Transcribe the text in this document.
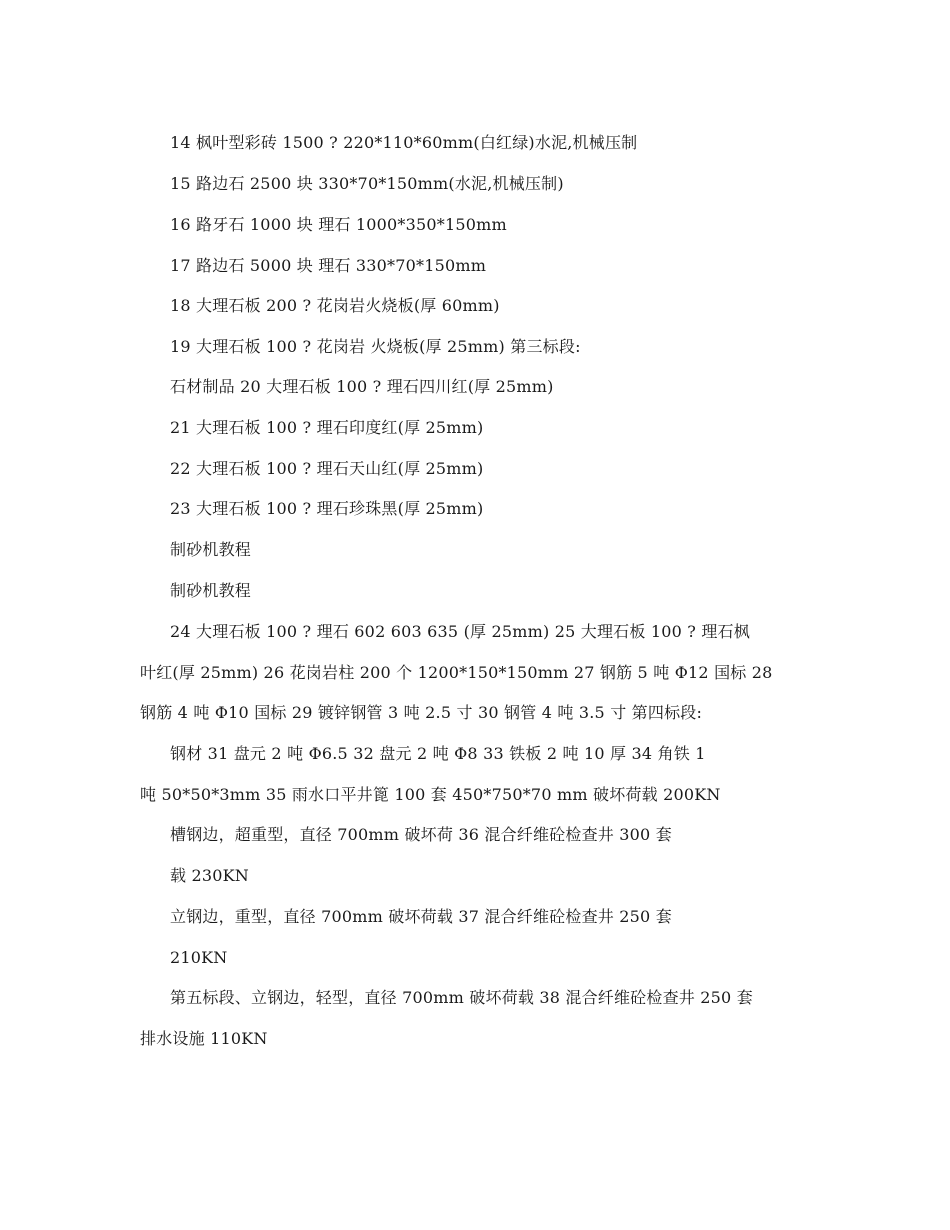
14 枫叶型彩砖 1500 ? 220*110*60mm(白红绿)水泥,机械压制
15 路边石 2500 块 330*70*150mm(水泥,机械压制)
16 路牙石 1000 块 理石 1000*350*150mm
17 路边石 5000 块 理石 330*70*150mm
18 大理石板 200 ? 花岗岩火烧板(厚 60mm)
19 大理石板 100 ? 花岗岩 火烧板(厚 25mm) 第三标段:
石材制品 20 大理石板 100 ? 理石四川红(厚 25mm)
21 大理石板 100 ? 理石印度红(厚 25mm)
22 大理石板 100 ? 理石天山红(厚 25mm)
23 大理石板 100 ? 理石珍珠黑(厚 25mm)
制砂机教程
制砂机教程
24 大理石板 100 ? 理石 602 603 635 (厚 25mm) 25 大理石板 100 ? 理石枫
叶红(厚 25mm) 26 花岗岩柱 200 个 1200*150*150mm 27 钢筋 5 吨 Φ12 国标 28
钢筋 4 吨 Φ10 国标 29 镀锌钢管 3 吨 2.5 寸 30 钢管 4 吨 3.5 寸 第四标段:
钢材 31 盘元 2 吨 Φ6.5 32 盘元 2 吨 Φ8 33 铁板 2 吨 10 厚 34 角铁 1
吨 50*50*3mm 35 雨水口平井篦 100 套 450*750*70 mm 破坏荷载 200KN
槽钢边，超重型，直径 700mm 破坏荷 36 混合纤维砼检查井 300 套
载 230KN
立钢边，重型，直径 700mm 破坏荷载 37 混合纤维砼检查井 250 套
210KN
第五标段、立钢边，轻型，直径 700mm 破坏荷载 38 混合纤维砼检查井 250 套
排水设施 110KN
